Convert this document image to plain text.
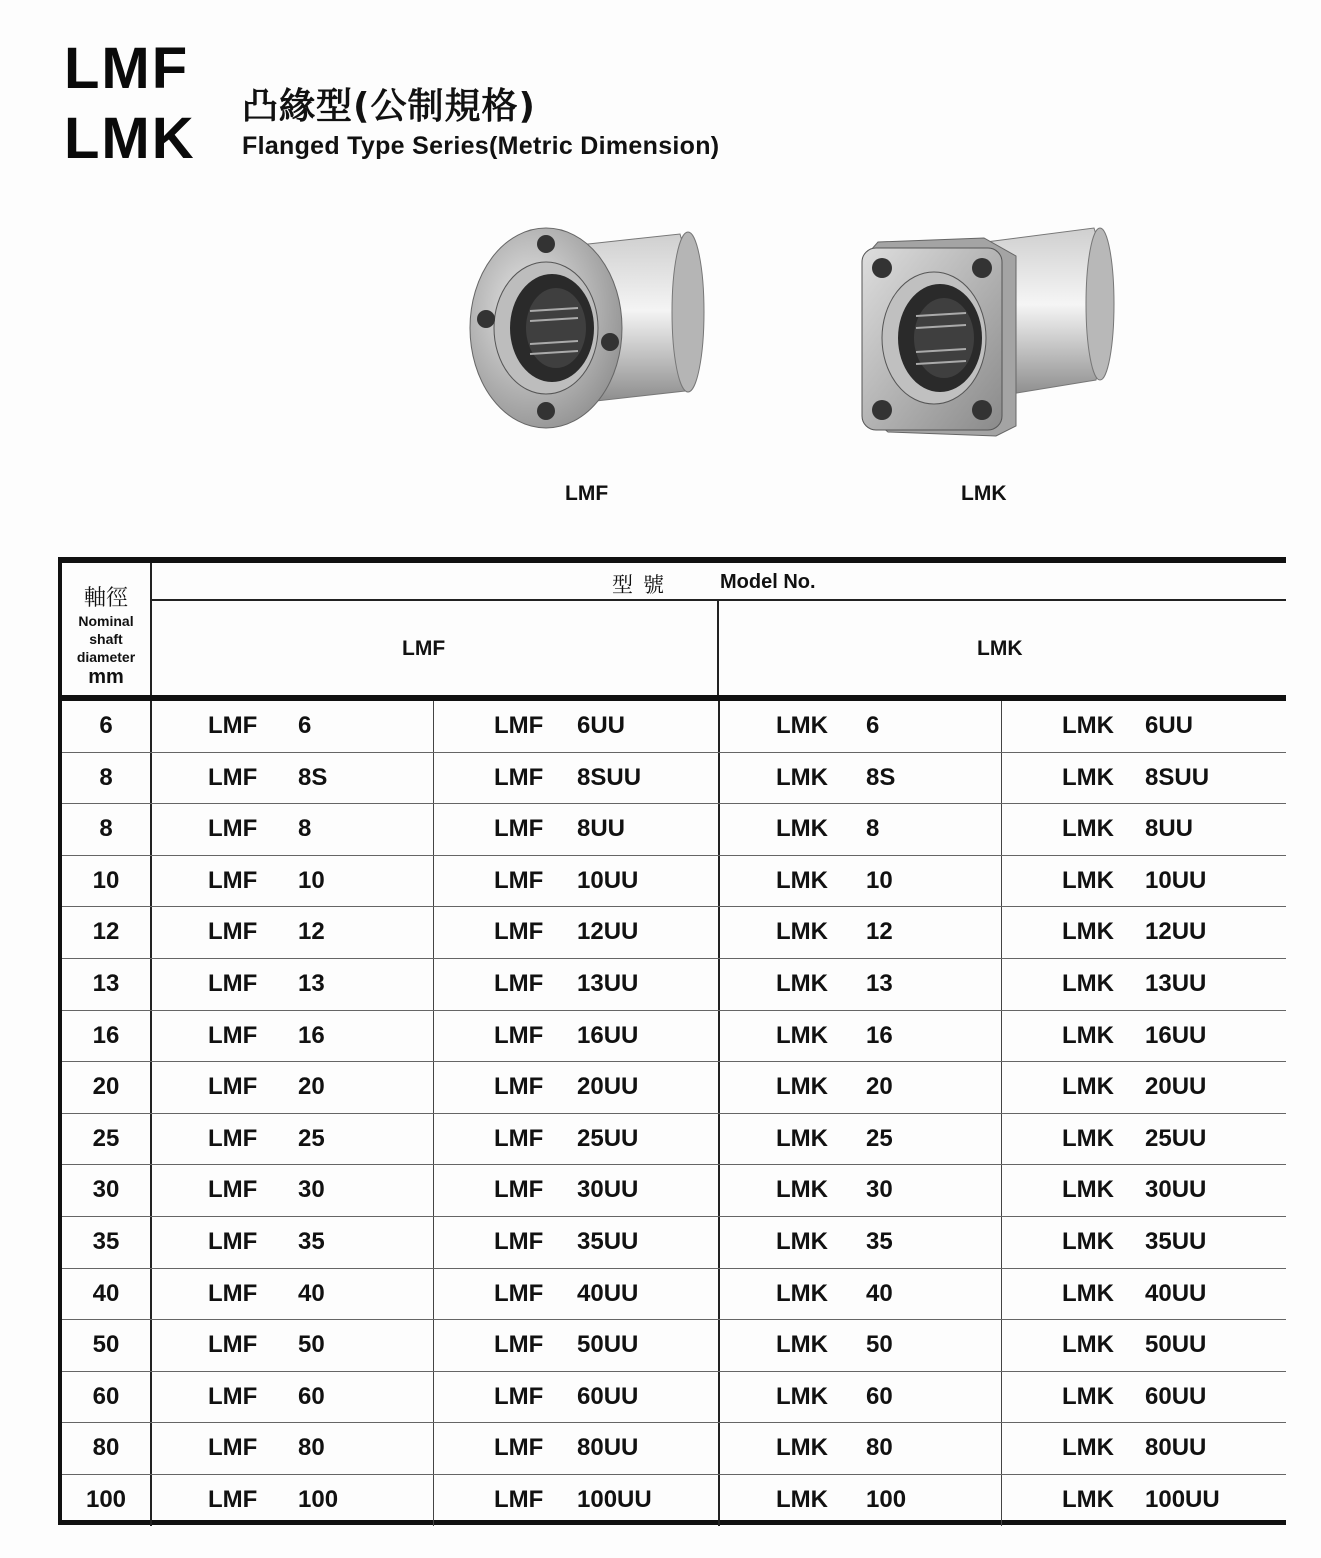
LMF
LMK 凸緣型(公制規格)
Flanged Type Series(Metric Dimension)
LMF	LMK
軸徑
Nominal
shaft
diameter
mm
型號 Model No.
LMF	LMK
6	LMF 6	LMF 6UU	LMK 6	LMK 6UU
8	LMF 8S	LMF 8SUU	LMK 8S	LMK 8SUU
8	LMF 8	LMF 8UU	LMK 8	LMK 8UU
10	LMF 10	LMF 10UU	LMK 10	LMK 10UU
12	LMF 12	LMF 12UU	LMK 12	LMK 12UU
13	LMF 13	LMF 13UU	LMK 13	LMK 13UU
16	LMF 16	LMF 16UU	LMK 16	LMK 16UU
20	LMF 20	LMF 20UU	LMK 20	LMK 20UU
25	LMF 25	LMF 25UU	LMK 25	LMK 25UU
30	LMF 30	LMF 30UU	LMK 30	LMK 30UU
35	LMF 35	LMF 35UU	LMK 35	LMK 35UU
40	LMF 40	LMF 40UU	LMK 40	LMK 40UU
50	LMF 50	LMF 50UU	LMK 50	LMK 50UU
60	LMF 60	LMF 60UU	LMK 60	LMK 60UU
80	LMF 80	LMF 80UU	LMK 80	LMK 80UU
100	LMF 100	LMF 100UU	LMK 100	LMK 100UU
